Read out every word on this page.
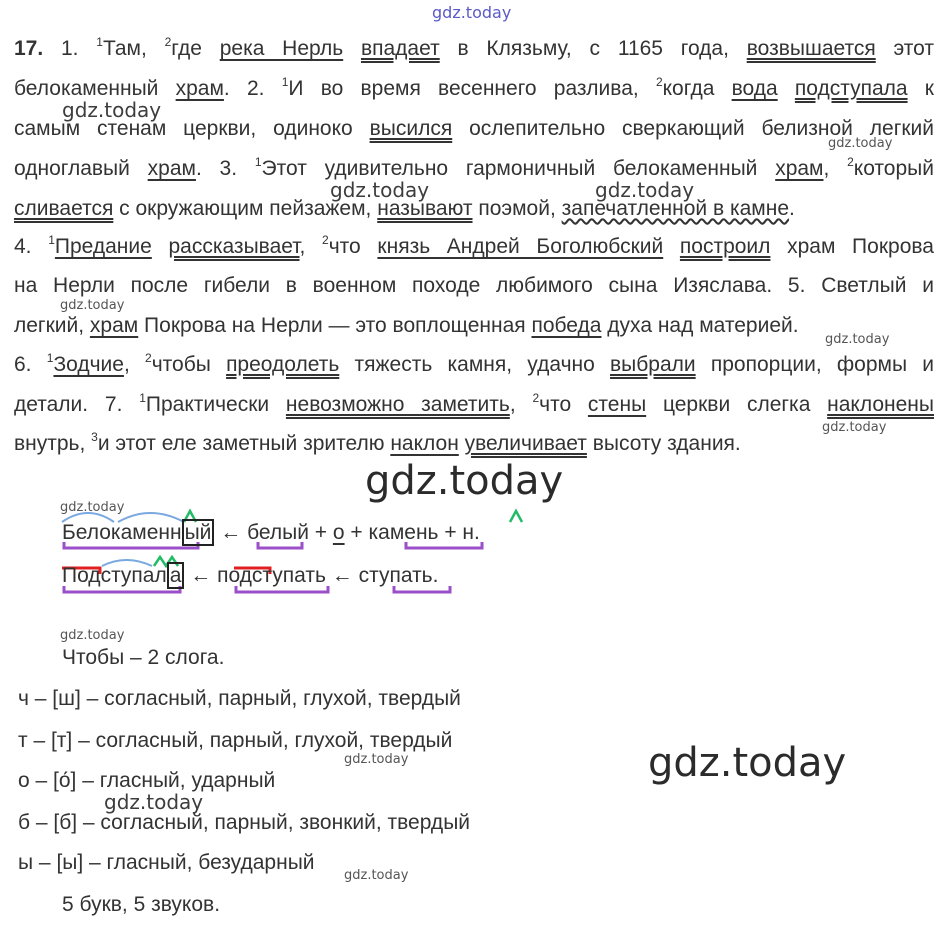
gdz.today
gdz.today
gdz.today
gdz.today	gdz.today
gdz.today
gdz.today
gdz.today
gdz.today
gdz.today
gdz.today
gdz.today
gdz.today
gdz.today
gdz.today
17. 1. $^1$Там, $^2$где река Нерль впадает в Клязьму, с 1165 года, возвышается этот
белокаменный храм. 2. $^1$И во время весеннего разлива, $^2$когда вода подступала к
самым стенам церкви, одиноко высился ослепительно сверкающий белизной легкий
одноглавый храм. 3. $^1$Этот удивительно гармоничный белокаменный храм, $^2$который
сливается с окружающим пейзажем, называют поэмой, запечатленной в камне.
4. $^1$Предание рассказывает, $^2$что князь Андрей Боголюбский построил храм Покрова
на Нерли после гибели в военном походе любимого сына Изяслава. 5. Светлый и
легкий, храм Покрова на Нерли — это воплощенная победа духа над материей.
6. $^1$Зодчие, $^2$чтобы преодолеть тяжесть камня, удачно выбрали пропорции, формы и
детали. 7. $^1$Практически невозможно заметить, $^2$что стены церкви слегка наклонены
внутрь, $^3$и этот еле заметный зрителю наклон увеличивает высоту здания.
Белокаменн ый ← белый + о + камень + н.
Подступал а ← подступать ← ступать.
Чтобы – 2 слога.
ч – [ш] – согласный, парный, глухой, твердый
т – [т] – согласный, парный, глухой, твердый
о – [о́] – гласный, ударный
б – [б] – согласный, парный, звонкий, твердый
ы – [ы] – гласный, безударный
5 букв, 5 звуков.
